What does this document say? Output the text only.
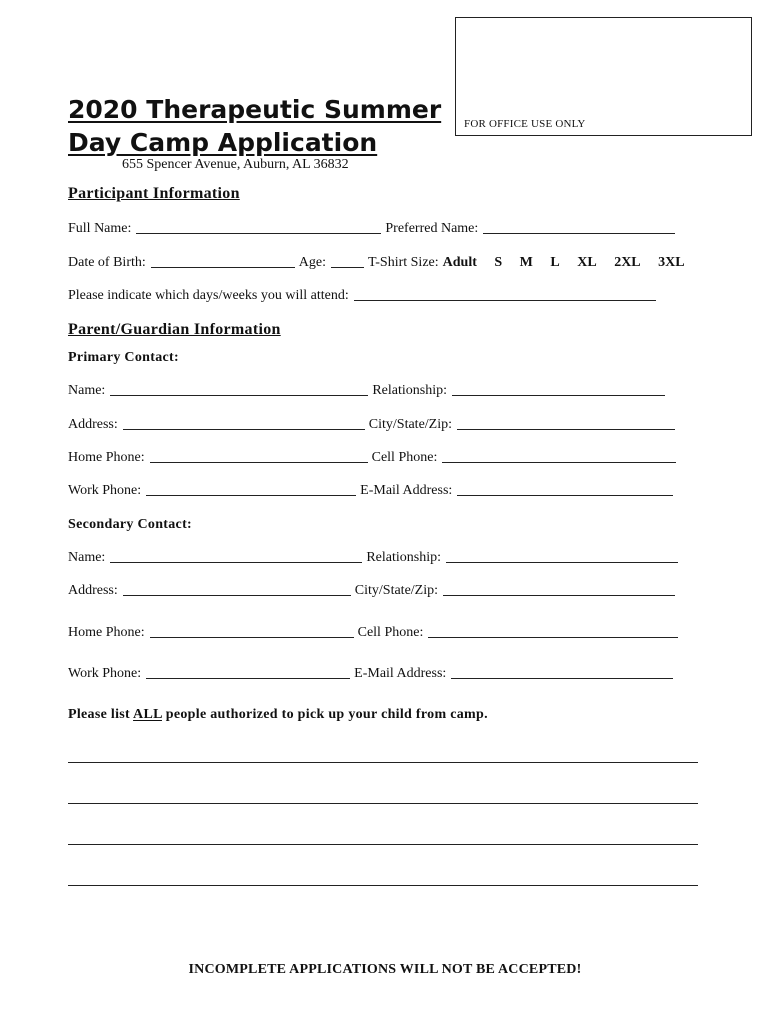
2020 Therapeutic Summer
Day Camp Application
655 Spencer Avenue, Auburn, AL 36832
FOR OFFICE USE ONLY
Participant Information
Full Name:	Preferred Name:
Date of Birth:	Age:	T-Shirt Size: Adult S M L XL 2XL 3XL
Please indicate which days/weeks you will attend:
Parent/Guardian Information
Primary Contact:
Name:	Relationship:
Address:	City/State/Zip:
Home Phone:	Cell Phone:
Work Phone:	E-Mail Address:
Secondary Contact:
Name:	Relationship:
Address:	City/State/Zip:
Home Phone:	Cell Phone:
Work Phone:	E-Mail Address:
Please list ALL people authorized to pick up your child from camp.
INCOMPLETE APPLICATIONS WILL NOT BE ACCEPTED!
